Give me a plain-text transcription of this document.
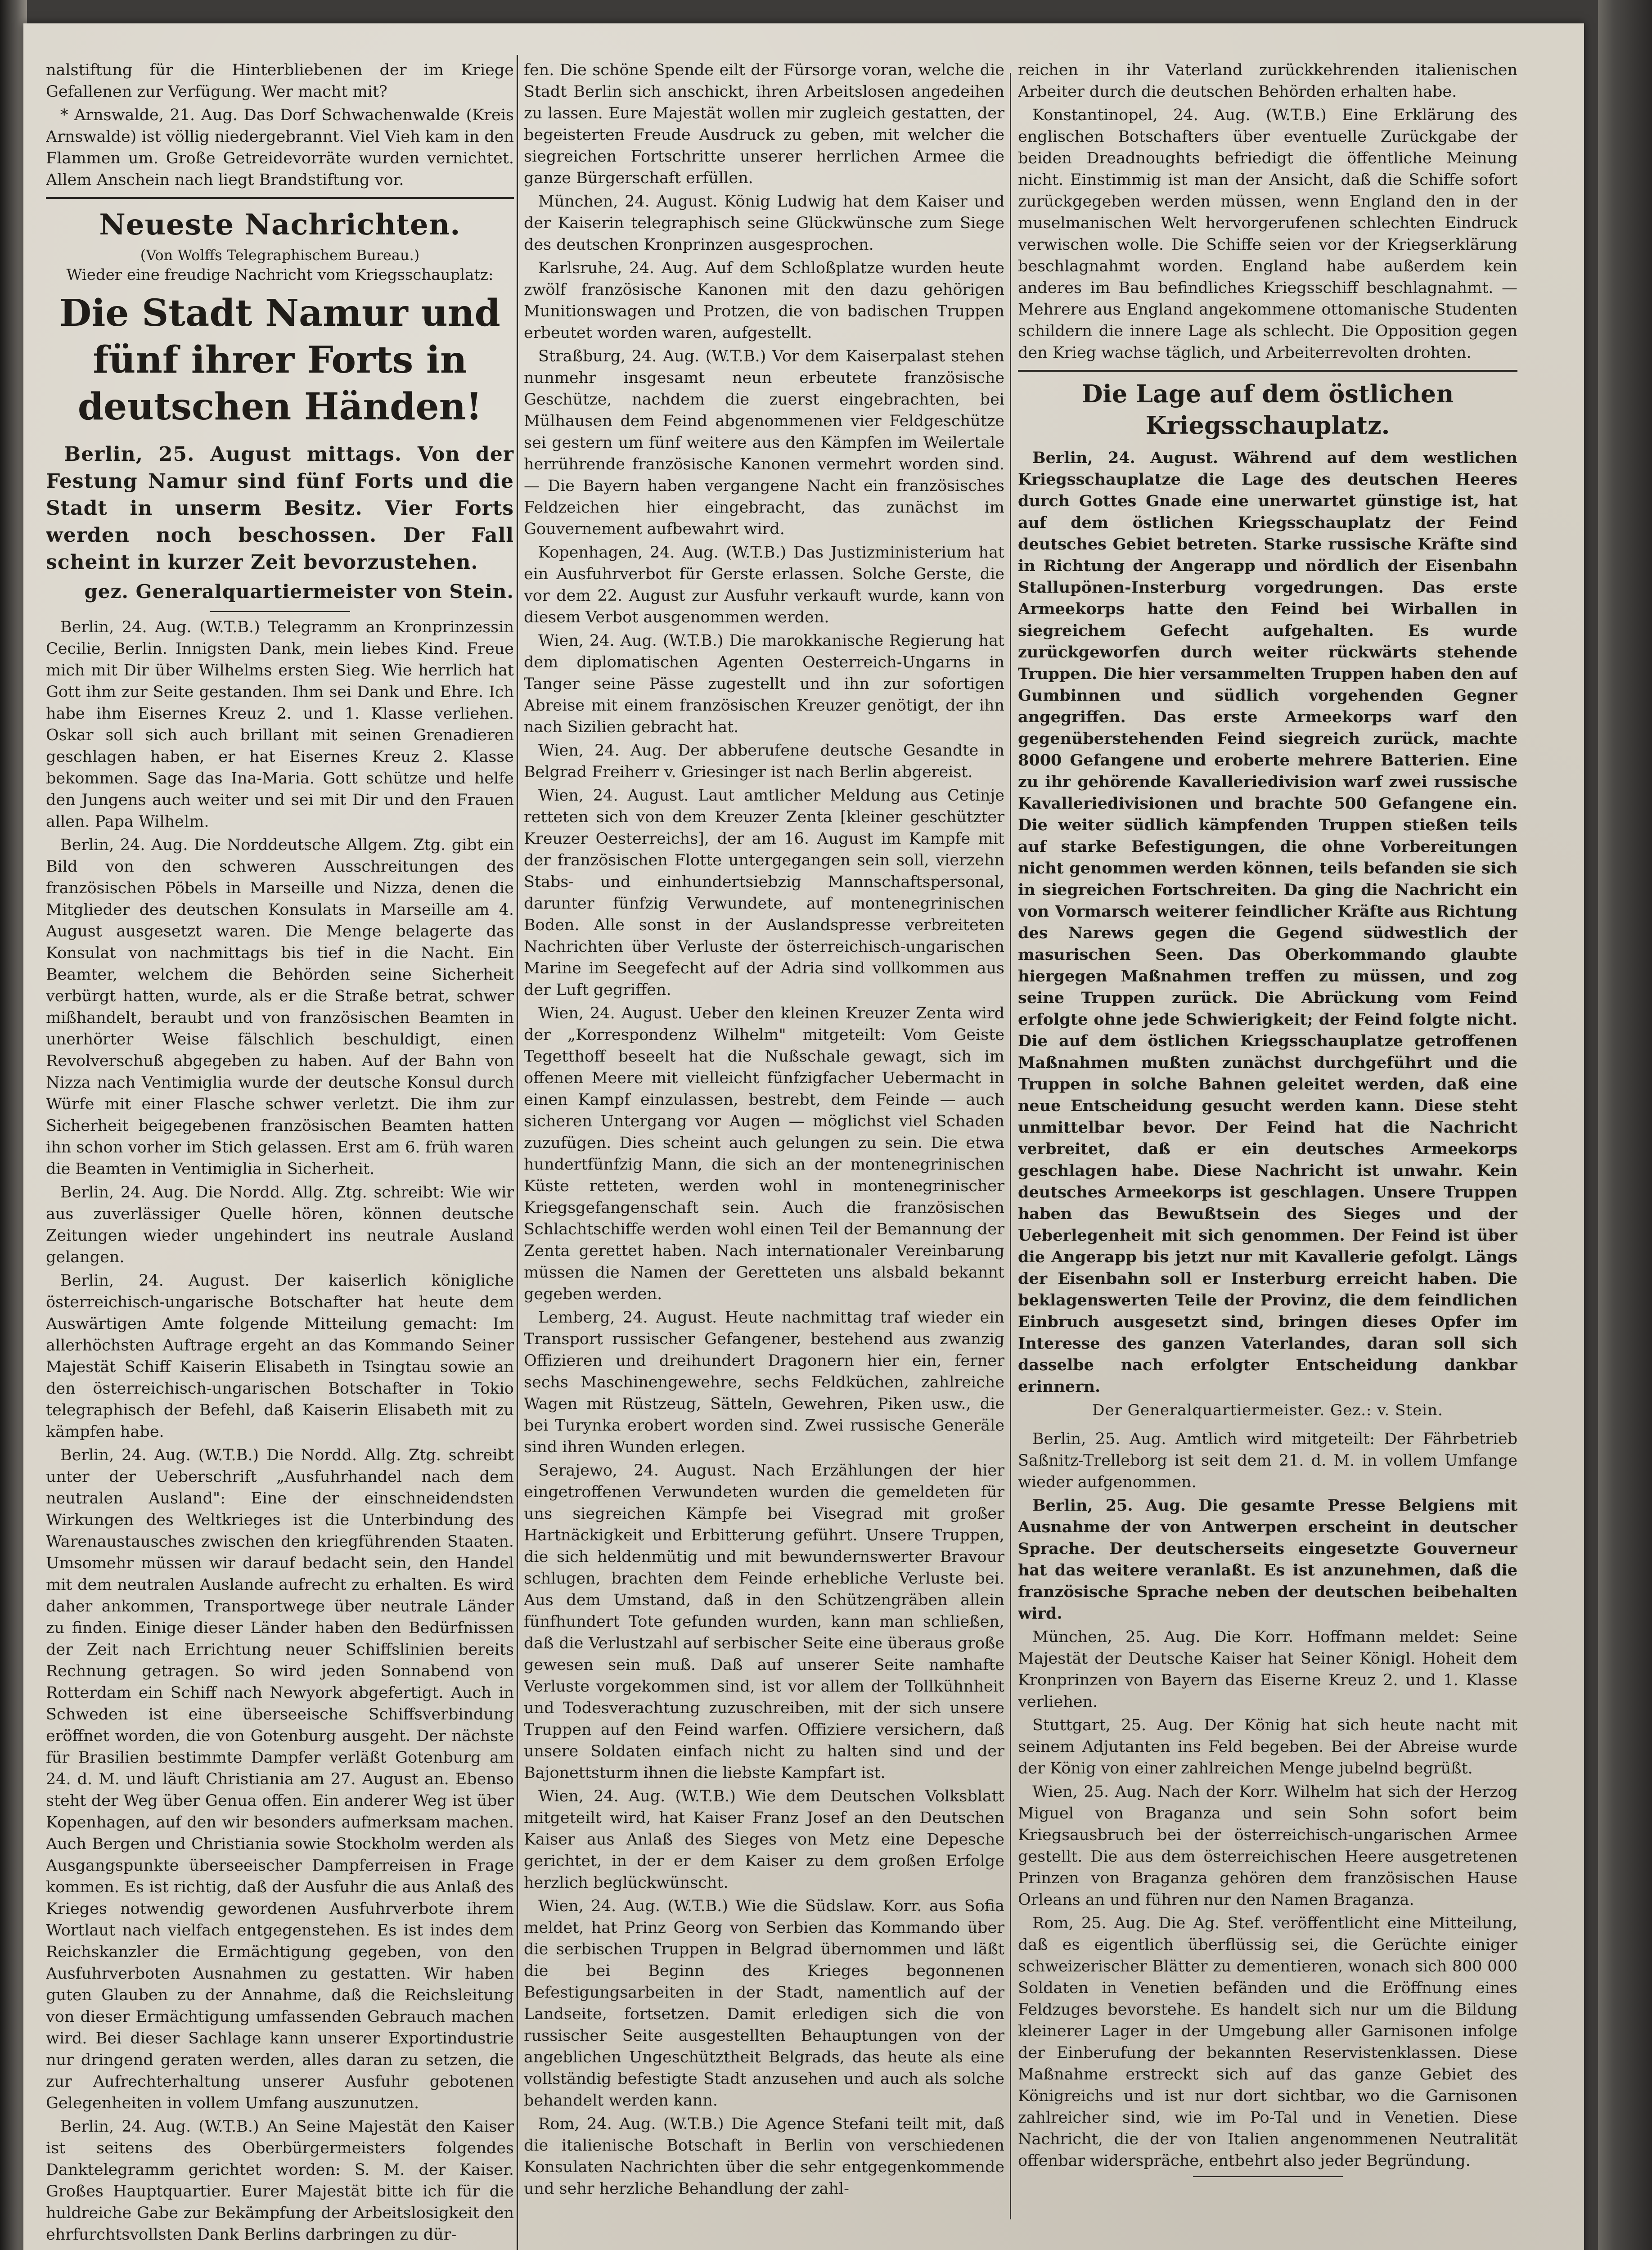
nalstiftung für die Hinterbliebenen der im Kriege Gefallenen zur Verfügung. Wer macht mit?

* Arnswalde, 21. Aug. Das Dorf Schwachenwalde (Kreis Arnswalde) ist völlig niedergebrannt. Viel Vieh kam in den Flammen um. Große Getreidevorräte wurden vernichtet. Allem Anschein nach liegt Brandstiftung vor.

Neueste Nachrichten.
(Von Wolffs Telegraphischem Bureau.)
Wieder eine freudige Nachricht vom Kriegsschauplatz:
Die Stadt Namur und fünf ihrer Forts in deutschen Händen!
Berlin, 25. August mittags. Von der Festung Namur sind fünf Forts und die Stadt in unserm Besitz. Vier Forts werden noch beschossen. Der Fall scheint in kurzer Zeit bevorzustehen.
gez. Generalquartiermeister von Stein.

Berlin, 24. Aug. (W.T.B.) Telegramm an Kronprinzessin Cecilie, Berlin. Innigsten Dank, mein liebes Kind. Freue mich mit Dir über Wilhelms ersten Sieg. Wie herrlich hat Gott ihm zur Seite gestanden. Ihm sei Dank und Ehre. Ich habe ihm Eisernes Kreuz 2. und 1. Klasse verliehen. Oskar soll sich auch brillant mit seinen Grenadieren geschlagen haben, er hat Eisernes Kreuz 2. Klasse bekommen. Sage das Ina-Maria. Gott schütze und helfe den Jungens auch weiter und sei mit Dir und den Frauen allen. Papa Wilhelm.

Berlin, 24. Aug. Die Norddeutsche Allgem. Ztg. gibt ein Bild von den schweren Ausschreitungen des französischen Pöbels in Marseille und Nizza, denen die Mitglieder des deutschen Konsulats in Marseille am 4. August ausgesetzt waren. Die Menge belagerte das Konsulat von nachmittags bis tief in die Nacht. Ein Beamter, welchem die Behörden seine Sicherheit verbürgt hatten, wurde, als er die Straße betrat, schwer mißhandelt, beraubt und von französischen Beamten in unerhörter Weise fälschlich beschuldigt, einen Revolverschuß abgegeben zu haben. Auf der Bahn von Nizza nach Ventimiglia wurde der deutsche Konsul durch Würfe mit einer Flasche schwer verletzt. Die ihm zur Sicherheit beigegebenen französischen Beamten hatten ihn schon vorher im Stich gelassen. Erst am 6. früh waren die Beamten in Ventimiglia in Sicherheit.

Berlin, 24. Aug. Die Nordd. Allg. Ztg. schreibt: Wie wir aus zuverlässiger Quelle hören, können deutsche Zeitungen wieder ungehindert ins neutrale Ausland gelangen.

Berlin, 24. August. Der kaiserlich königliche österreichisch-ungarische Botschafter hat heute dem Auswärtigen Amte folgende Mitteilung gemacht: Im allerhöchsten Auftrage ergeht an das Kommando Seiner Majestät Schiff Kaiserin Elisabeth in Tsingtau sowie an den österreichisch-ungarischen Botschafter in Tokio telegraphisch der Befehl, daß Kaiserin Elisabeth mit zu kämpfen habe.

Berlin, 24. Aug. (W.T.B.) Die Nordd. Allg. Ztg. schreibt unter der Ueberschrift „Ausfuhrhandel nach dem neutralen Ausland": Eine der einschneidendsten Wirkungen des Weltkrieges ist die Unterbindung des Warenaustausches zwischen den kriegführenden Staaten. Umsomehr müssen wir darauf bedacht sein, den Handel mit dem neutralen Auslande aufrecht zu erhalten. Es wird daher ankommen, Transportwege über neutrale Länder zu finden. Einige dieser Länder haben den Bedürfnissen der Zeit nach Errichtung neuer Schiffslinien bereits Rechnung getragen. So wird jeden Sonnabend von Rotterdam ein Schiff nach Newyork abgefertigt. Auch in Schweden ist eine überseeische Schiffsverbindung eröffnet worden, die von Gotenburg ausgeht. Der nächste für Brasilien bestimmte Dampfer verläßt Gotenburg am 24. d. M. und läuft Christiania am 27. August an. Ebenso steht der Weg über Genua offen. Ein anderer Weg ist über Kopenhagen, auf den wir besonders aufmerksam machen. Auch Bergen und Christiania sowie Stockholm werden als Ausgangspunkte überseeischer Dampferreisen in Frage kommen. Es ist richtig, daß der Ausfuhr die aus Anlaß des Krieges notwendig gewordenen Ausfuhrverbote ihrem Wortlaut nach vielfach entgegenstehen. Es ist indes dem Reichskanzler die Ermächtigung gegeben, von den Ausfuhrverboten Ausnahmen zu gestatten. Wir haben guten Glauben zu der Annahme, daß die Reichsleitung von dieser Ermächtigung umfassenden Gebrauch machen wird. Bei dieser Sachlage kann unserer Exportindustrie nur dringend geraten werden, alles daran zu setzen, die zur Aufrechterhaltung unserer Ausfuhr gebotenen Gelegenheiten in vollem Umfang auszunutzen.

Berlin, 24. Aug. (W.T.B.) An Seine Majestät den Kaiser ist seitens des Oberbürgermeisters folgendes Danktelegramm gerichtet worden: S. M. der Kaiser. Großes Hauptquartier. Eurer Majestät bitte ich für die huldreiche Gabe zur Bekämpfung der Arbeitslosigkeit den ehrfurchtsvollsten Dank Berlins darbringen zu dür-

fen. Die schöne Spende eilt der Fürsorge voran, welche die Stadt Berlin sich anschickt, ihren Arbeitslosen angedeihen zu lassen. Eure Majestät wollen mir zugleich gestatten, der begeisterten Freude Ausdruck zu geben, mit welcher die siegreichen Fortschritte unserer herrlichen Armee die ganze Bürgerschaft erfüllen.

München, 24. August. König Ludwig hat dem Kaiser und der Kaiserin telegraphisch seine Glückwünsche zum Siege des deutschen Kronprinzen ausgesprochen.

Karlsruhe, 24. Aug. Auf dem Schloßplatze wurden heute zwölf französische Kanonen mit den dazu gehörigen Munitionswagen und Protzen, die von badischen Truppen erbeutet worden waren, aufgestellt.

Straßburg, 24. Aug. (W.T.B.) Vor dem Kaiserpalast stehen nunmehr insgesamt neun erbeutete französische Geschütze, nachdem die zuerst eingebrachten, bei Mülhausen dem Feind abgenommenen vier Feldgeschütze sei gestern um fünf weitere aus den Kämpfen im Weilertale herrührende französische Kanonen vermehrt worden sind. — Die Bayern haben vergangene Nacht ein französisches Feldzeichen hier eingebracht, das zunächst im Gouvernement aufbewahrt wird.

Kopenhagen, 24. Aug. (W.T.B.) Das Justizministerium hat ein Ausfuhrverbot für Gerste erlassen. Solche Gerste, die vor dem 22. August zur Ausfuhr verkauft wurde, kann von diesem Verbot ausgenommen werden.

Wien, 24. Aug. (W.T.B.) Die marokkanische Regierung hat dem diplomatischen Agenten Oesterreich-Ungarns in Tanger seine Pässe zugestellt und ihn zur sofortigen Abreise mit einem französischen Kreuzer genötigt, der ihn nach Sizilien gebracht hat.

Wien, 24. Aug. Der abberufene deutsche Gesandte in Belgrad Freiherr v. Griesinger ist nach Berlin abgereist.

Wien, 24. August. Laut amtlicher Meldung aus Cetinje retteten sich von dem Kreuzer Zenta [kleiner geschützter Kreuzer Oesterreichs], der am 16. August im Kampfe mit der französischen Flotte untergegangen sein soll, vierzehn Stabs- und einhundertsiebzig Mannschaftspersonal, darunter fünfzig Verwundete, auf montenegrinischen Boden. Alle sonst in der Auslandspresse verbreiteten Nachrichten über Verluste der österreichisch-ungarischen Marine im Seegefecht auf der Adria sind vollkommen aus der Luft gegriffen.

Wien, 24. August. Ueber den kleinen Kreuzer Zenta wird der „Korrespondenz Wilhelm" mitgeteilt: Vom Geiste Tegetthoff beseelt hat die Nußschale gewagt, sich im offenen Meere mit vielleicht fünfzigfacher Uebermacht in einen Kampf einzulassen, bestrebt, dem Feinde — auch sicheren Untergang vor Augen — möglichst viel Schaden zuzufügen. Dies scheint auch gelungen zu sein. Die etwa hundertfünfzig Mann, die sich an der montenegrinischen Küste retteten, werden wohl in montenegrinischer Kriegsgefangenschaft sein. Auch die französischen Schlachtschiffe werden wohl einen Teil der Bemannung der Zenta gerettet haben. Nach internationaler Vereinbarung müssen die Namen der Geretteten uns alsbald bekannt gegeben werden.

Lemberg, 24. August. Heute nachmittag traf wieder ein Transport russischer Gefangener, bestehend aus zwanzig Offizieren und dreihundert Dragonern hier ein, ferner sechs Maschinengewehre, sechs Feldküchen, zahlreiche Wagen mit Rüstzeug, Sätteln, Gewehren, Piken usw., die bei Turynka erobert worden sind. Zwei russische Generäle sind ihren Wunden erlegen.

Serajewo, 24. August. Nach Erzählungen der hier eingetroffenen Verwundeten wurden die gemeldeten für uns siegreichen Kämpfe bei Visegrad mit großer Hartnäckigkeit und Erbitterung geführt. Unsere Truppen, die sich heldenmütig und mit bewundernswerter Bravour schlugen, brachten dem Feinde erhebliche Verluste bei. Aus dem Umstand, daß in den Schützengräben allein fünfhundert Tote gefunden wurden, kann man schließen, daß die Verlustzahl auf serbischer Seite eine überaus große gewesen sein muß. Daß auf unserer Seite namhafte Verluste vorgekommen sind, ist vor allem der Tollkühnheit und Todesverachtung zuzuschreiben, mit der sich unsere Truppen auf den Feind warfen. Offiziere versichern, daß unsere Soldaten einfach nicht zu halten sind und der Bajonettsturm ihnen die liebste Kampfart ist.

Wien, 24. Aug. (W.T.B.) Wie dem Deutschen Volksblatt mitgeteilt wird, hat Kaiser Franz Josef an den Deutschen Kaiser aus Anlaß des Sieges von Metz eine Depesche gerichtet, in der er dem Kaiser zu dem großen Erfolge herzlich beglückwünscht.

Wien, 24. Aug. (W.T.B.) Wie die Südslaw. Korr. aus Sofia meldet, hat Prinz Georg von Serbien das Kommando über die serbischen Truppen in Belgrad übernommen und läßt die bei Beginn des Krieges begonnenen Befestigungsarbeiten in der Stadt, namentlich auf der Landseite, fortsetzen. Damit erledigen sich die von russischer Seite ausgestellten Behauptungen von der angeblichen Ungeschütztheit Belgrads, das heute als eine vollständig befestigte Stadt anzusehen und auch als solche behandelt werden kann.

Rom, 24. Aug. (W.T.B.) Die Agence Stefani teilt mit, daß die italienische Botschaft in Berlin von verschiedenen Konsulaten Nachrichten über die sehr entgegenkommende und sehr herzliche Behandlung der zahl-

reichen in ihr Vaterland zurückkehrenden italienischen Arbeiter durch die deutschen Behörden erhalten habe.

Konstantinopel, 24. Aug. (W.T.B.) Eine Erklärung des englischen Botschafters über eventuelle Zurückgabe der beiden Dreadnoughts befriedigt die öffentliche Meinung nicht. Einstimmig ist man der Ansicht, daß die Schiffe sofort zurückgegeben werden müssen, wenn England den in der muselmanischen Welt hervorgerufenen schlechten Eindruck verwischen wolle. Die Schiffe seien vor der Kriegserklärung beschlagnahmt worden. England habe außerdem kein anderes im Bau befindliches Kriegsschiff beschlagnahmt. — Mehrere aus England angekommene ottomanische Studenten schildern die innere Lage als schlecht. Die Opposition gegen den Krieg wachse täglich, und Arbeiterrevolten drohten.

Die Lage auf dem östlichen Kriegsschauplatz.

Berlin, 24. August. Während auf dem westlichen Kriegsschauplatze die Lage des deutschen Heeres durch Gottes Gnade eine unerwartet günstige ist, hat auf dem östlichen Kriegsschauplatz der Feind deutsches Gebiet betreten. Starke russische Kräfte sind in Richtung der Angerapp und nördlich der Eisenbahn Stallupönen-Insterburg vorgedrungen. Das erste Armeekorps hatte den Feind bei Wirballen in siegreichem Gefecht aufgehalten. Es wurde zurückgeworfen durch weiter rückwärts stehende Truppen. Die hier versammelten Truppen haben den auf Gumbinnen und südlich vorgehenden Gegner angegriffen. Das erste Armeekorps warf den gegenüberstehenden Feind siegreich zurück, machte 8000 Gefangene und eroberte mehrere Batterien. Eine zu ihr gehörende Kavalleriedivision warf zwei russische Kavalleriedivisionen und brachte 500 Gefangene ein. Die weiter südlich kämpfenden Truppen stießen teils auf starke Befestigungen, die ohne Vorbereitungen nicht genommen werden können, teils befanden sie sich in siegreichen Fortschreiten. Da ging die Nachricht ein von Vormarsch weiterer feindlicher Kräfte aus Richtung des Narews gegen die Gegend südwestlich der masurischen Seen. Das Oberkommando glaubte hiergegen Maßnahmen treffen zu müssen, und zog seine Truppen zurück. Die Abrückung vom Feind erfolgte ohne jede Schwierigkeit; der Feind folgte nicht. Die auf dem östlichen Kriegsschauplatze getroffenen Maßnahmen mußten zunächst durchgeführt und die Truppen in solche Bahnen geleitet werden, daß eine neue Entscheidung gesucht werden kann. Diese steht unmittelbar bevor. Der Feind hat die Nachricht verbreitet, daß er ein deutsches Armeekorps geschlagen habe. Diese Nachricht ist unwahr. Kein deutsches Armeekorps ist geschlagen. Unsere Truppen haben das Bewußtsein des Sieges und der Ueberlegenheit mit sich genommen. Der Feind ist über die Angerapp bis jetzt nur mit Kavallerie gefolgt. Längs der Eisenbahn soll er Insterburg erreicht haben. Die beklagenswerten Teile der Provinz, die dem feindlichen Einbruch ausgesetzt sind, bringen dieses Opfer im Interesse des ganzen Vaterlandes, daran soll sich dasselbe nach erfolgter Entscheidung dankbar erinnern.

Der Generalquartiermeister. Gez.: v. Stein.

Berlin, 25. Aug. Amtlich wird mitgeteilt: Der Fährbetrieb Saßnitz-Trelleborg ist seit dem 21. d. M. in vollem Umfange wieder aufgenommen.

Berlin, 25. Aug. Die gesamte Presse Belgiens mit Ausnahme der von Antwerpen erscheint in deutscher Sprache. Der deutscherseits eingesetzte Gouverneur hat das weitere veranlaßt. Es ist anzunehmen, daß die französische Sprache neben der deutschen beibehalten wird.

München, 25. Aug. Die Korr. Hoffmann meldet: Seine Majestät der Deutsche Kaiser hat Seiner Königl. Hoheit dem Kronprinzen von Bayern das Eiserne Kreuz 2. und 1. Klasse verliehen.

Stuttgart, 25. Aug. Der König hat sich heute nacht mit seinem Adjutanten ins Feld begeben. Bei der Abreise wurde der König von einer zahlreichen Menge jubelnd begrüßt.

Wien, 25. Aug. Nach der Korr. Wilhelm hat sich der Herzog Miguel von Braganza und sein Sohn sofort beim Kriegsausbruch bei der österreichisch-ungarischen Armee gestellt. Die aus dem österreichischen Heere ausgetretenen Prinzen von Braganza gehören dem französischen Hause Orleans an und führen nur den Namen Braganza.

Rom, 25. Aug. Die Ag. Stef. veröffentlicht eine Mitteilung, daß es eigentlich überflüssig sei, die Gerüchte einiger schweizerischer Blätter zu dementieren, wonach sich 800 000 Soldaten in Venetien befänden und die Eröffnung eines Feldzuges bevorstehe. Es handelt sich nur um die Bildung kleinerer Lager in der Umgebung aller Garnisonen infolge der Einberufung der bekannten Reservistenklassen. Diese Maßnahme erstreckt sich auf das ganze Gebiet des Königreichs und ist nur dort sichtbar, wo die Garnisonen zahlreicher sind, wie im Po-Tal und in Venetien. Diese Nachricht, die der von Italien angenommenen Neutralität offenbar widerspräche, entbehrt also jeder Begründung.
